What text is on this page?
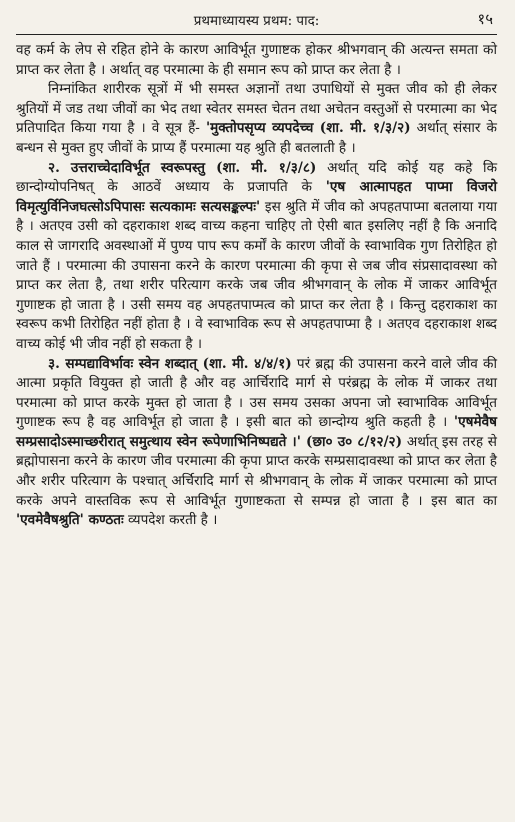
प्रथमाध्यायस्य प्रथम: पाद:	१५

वह कर्म के लेप से रहित होने के कारण आविर्भूत गुणाष्टक होकर श्रीभगवान् की अत्यन्त समता को प्राप्त कर लेता है । अर्थात् वह परमात्मा के ही समान रूप को प्राप्त कर लेता है ।

निम्नांकित शारीरक सूत्रों में भी समस्त अज्ञानों तथा उपाधियों से मुक्त जीव को ही लेकर श्रुतियों में जड तथा जीवों का भेद तथा स्वेतर समस्त चेतन तथा अचेतन वस्तुओं से परमात्मा का भेद प्रतिपादित किया गया है । वे सूत्र हैं- 'मुक्तोपसृप्य व्यपदेच्च (शा. मी. १/३/२) अर्थात् संसार के बन्धन से मुक्त हुए जीवों के प्राप्य हैं परमात्मा यह श्रुति ही बतलाती है ।

२. उत्तराच्चेदाविर्भूत स्वरूपस्तु (शा. मी. १/३/८) अर्थात् यदि कोई यह कहे कि छान्दोग्योपनिषत् के आठवें अध्याय के प्रजापति के 'एष आत्मापहत पाप्मा विजरो विमृत्युर्विनिजघत्सोऽपिपासः सत्यकामः सत्यसङ्कल्पः' इस श्रुति में जीव को अपहतपाप्मा बतलाया गया है । अतएव उसी को दहराकाश शब्द वाच्य कहना चाहिए तो ऐसी बात इसलिए नहीं है कि अनादि काल से जागरादि अवस्थाओं में पुण्य पाप रूप कर्मों के कारण जीवों के स्वाभाविक गुण तिरोहित हो जाते हैं । परमात्मा की उपासना करने के कारण परमात्मा की कृपा से जब जीव संप्रसादावस्था को प्राप्त कर लेता है, तथा शरीर परित्याग करके जब जीव श्रीभगवान् के लोक में जाकर आविर्भूत गुणाष्टक हो जाता है । उसी समय वह अपहतपाप्मत्व को प्राप्त कर लेता है । किन्तु दहराकाश का स्वरूप कभी तिरोहित नहीं होता है । वे स्वाभाविक रूप से अपहतपाप्मा है । अतएव दहराकाश शब्द वाच्य कोई भी जीव नहीं हो सकता है ।

३. सम्पद्याविर्भावः स्वेन शब्दात् (शा. मी. ४/४/१) परं ब्रह्म की उपासना करने वाले जीव की आत्मा प्रकृति वियुक्त हो जाती है और वह आर्चिरादि मार्ग से परंब्रह्म के लोक में जाकर तथा परमात्मा को प्राप्त करके मुक्त हो जाता है । उस समय उसका अपना जो स्वाभाविक आविर्भूत गुणाष्टक रूप है वह आविर्भूत हो जाता है । इसी बात को छान्दोग्य श्रुति कहती है । 'एषमेवैष सम्प्रसादोऽस्माच्छरीरात् समुत्थाय स्वेन रूपेणाभिनिष्पद्यते ।' (छा० उ० ८/१२/२) अर्थात् इस तरह से ब्रह्मोपासना करने के कारण जीव परमात्मा की कृपा प्राप्त करके सम्प्रसादावस्था को प्राप्त कर लेता है और शरीर परित्याग के पश्चात् अर्चिरादि मार्ग से श्रीभगवान् के लोक में जाकर परमात्मा को प्राप्त करके अपने वास्तविक रूप से आविर्भूत गुणाष्टकता से सम्पन्न हो जाता है । इस बात का 'एवमेवैषश्रुति' कण्ठतः व्यपदेश करती है ।
